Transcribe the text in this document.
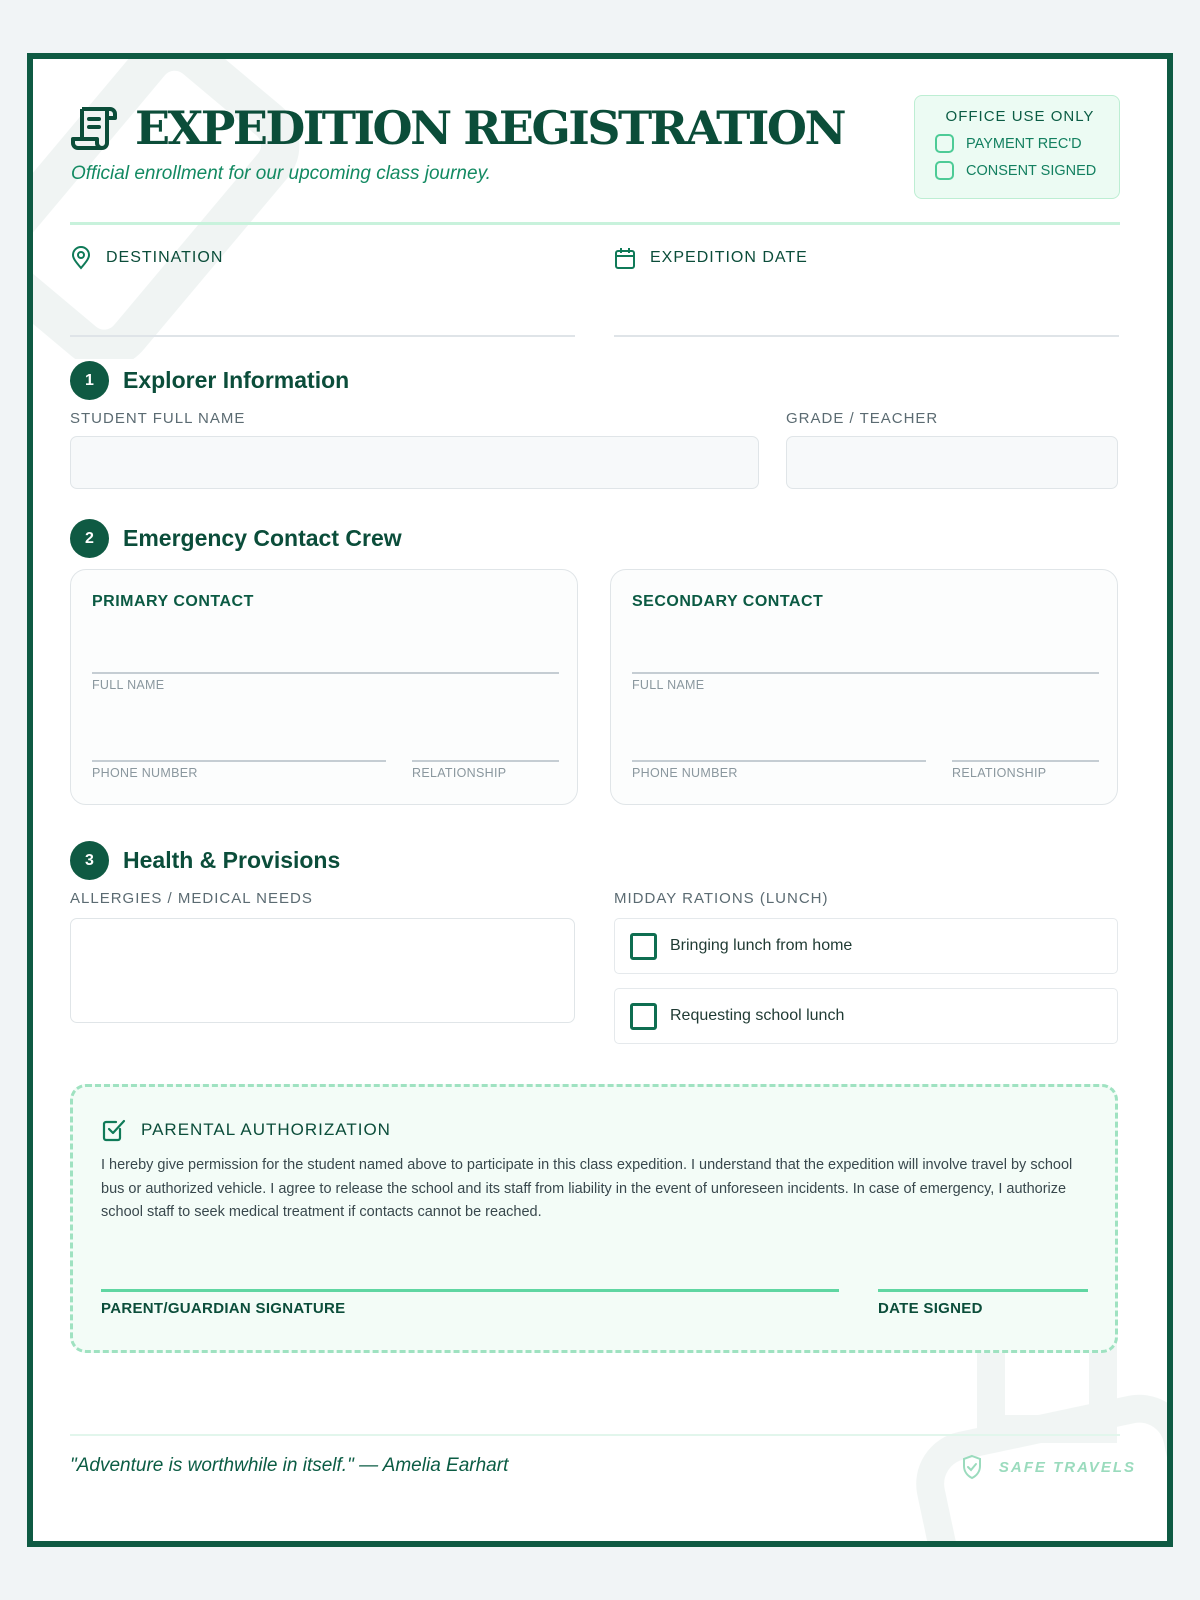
EXPEDITION REGISTRATION
Official enrollment for our upcoming class journey.
OFFICE USE ONLY
PAYMENT REC'D
CONSENT SIGNED
DESTINATION	EXPEDITION DATE
1	Explorer Information
STUDENT FULL NAME	GRADE / TEACHER
2	Emergency Contact Crew
PRIMARY CONTACT
FULL NAME
PHONE NUMBER	RELATIONSHIP
SECONDARY CONTACT
FULL NAME
PHONE NUMBER	RELATIONSHIP
3	Health & Provisions
ALLERGIES / MEDICAL NEEDS	MIDDAY RATIONS (LUNCH)
Bringing lunch from home
Requesting school lunch
PARENTAL AUTHORIZATION
I hereby give permission for the student named above to participate in this class expedition. I understand that the expedition will involve travel by school bus or authorized vehicle. I agree to release the school and its staff from liability in the event of unforeseen incidents. In case of emergency, I authorize school staff to seek medical treatment if contacts cannot be reached.
PARENT/GUARDIAN SIGNATURE	DATE SIGNED
"Adventure is worthwhile in itself." — Amelia Earhart	SAFE TRAVELS
